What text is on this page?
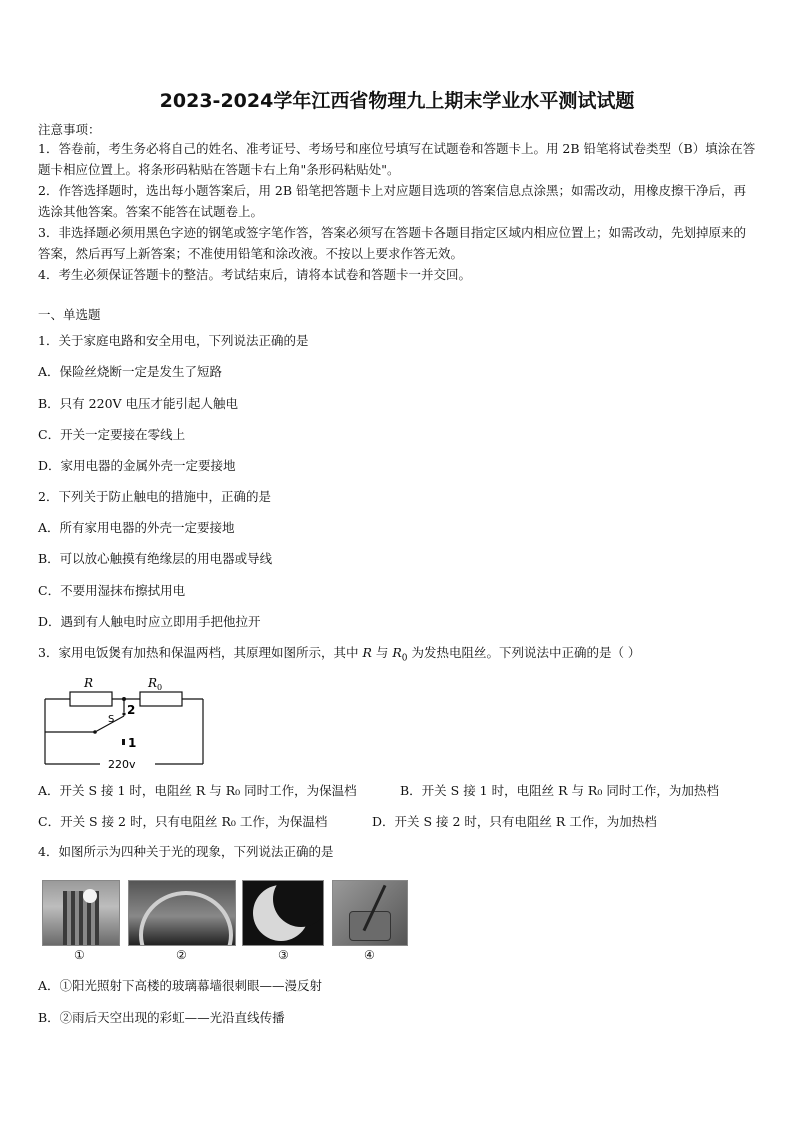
2023-2024学年江西省物理九上期末学业水平测试试题
注意事项：
1．答卷前，考生务必将自己的姓名、准考证号、考场号和座位号填写在试题卷和答题卡上。用 2B 铅笔将试卷类型（B）填涂在答题卡相应位置上。将条形码粘贴在答题卡右上角"条形码粘贴处"。
2．作答选择题时，选出每小题答案后，用 2B 铅笔把答题卡上对应题目选项的答案信息点涂黑；如需改动，用橡皮擦干净后，再选涂其他答案。答案不能答在试题卷上。
3．非选择题必须用黑色字迹的钢笔或签字笔作答，答案必须写在答题卡各题目指定区域内相应位置上；如需改动，先划掉原来的答案，然后再写上新答案；不准使用铅笔和涂改液。不按以上要求作答无效。
4．考生必须保证答题卡的整洁。考试结束后，请将本试卷和答题卡一并交回。
一、单选题
1．关于家庭电路和安全用电，下列说法正确的是
A．保险丝烧断一定是发生了短路
B．只有 220V 电压才能引起人触电
C．开关一定要接在零线上
D．家用电器的金属外壳一定要接地
2．下列关于防止触电的措施中，正确的是
A．所有家用电器的外壳一定要接地
B．可以放心触摸有绝缘层的用电器或导线
C．不要用湿抹布擦拭用电
D．遇到有人触电时应立即用手把他拉开
3．家用电饭煲有加热和保温两档，其原理如图所示，其中 R 与 $R_0$ 为发热电阻丝。下列说法中正确的是（ ）
R	$R_0$
S
2
1
220v
A．开关 S 接 1 时，电阻丝 R 与 R₀ 同时工作，为保温档	B．开关 S 接 1 时，电阻丝 R 与 R₀ 同时工作，为加热档
C．开关 S 接 2 时，只有电阻丝 R₀ 工作，为保温档	D．开关 S 接 2 时，只有电阻丝 R 工作，为加热档
4．如图所示为四种关于光的现象，下列说法正确的是
①	②	③	④
A．①阳光照射下高楼的玻璃幕墙很刺眼——漫反射
B．②雨后天空出现的彩虹——光沿直线传播
